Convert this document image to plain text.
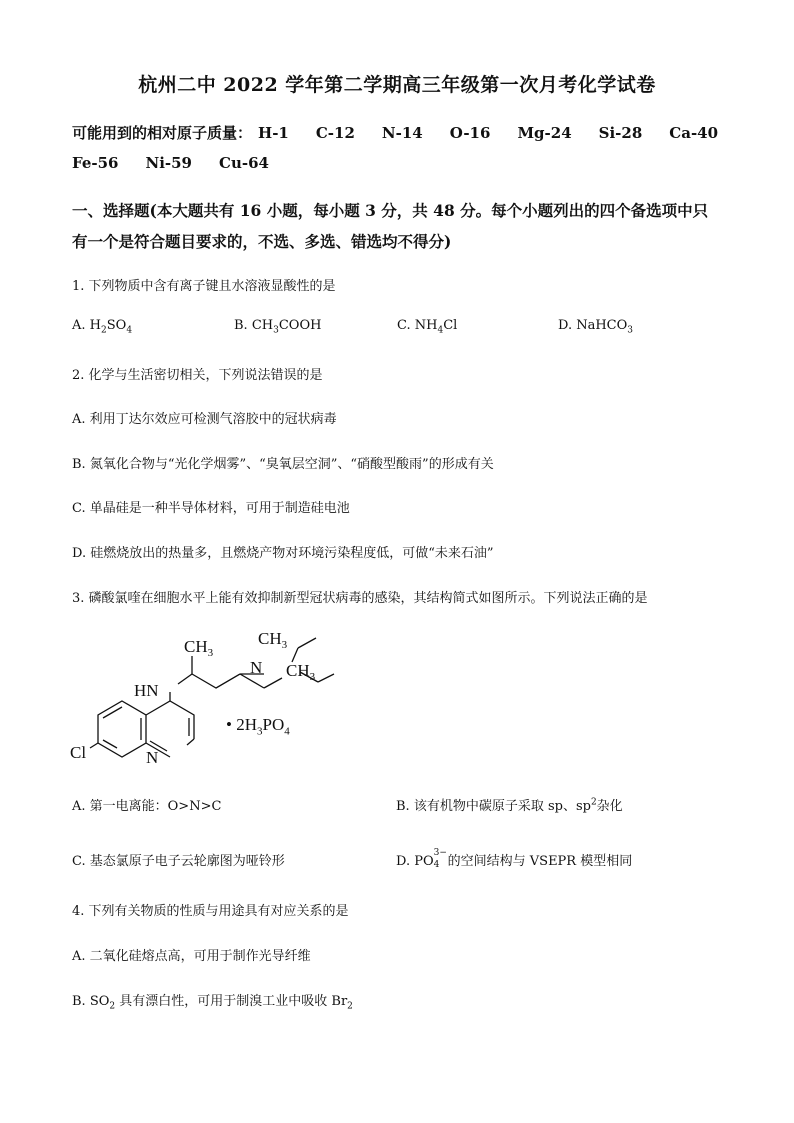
杭州二中 2022 学年第二学期高三年级第一次月考化学试卷
可能用到的相对原子质量： H-1 C-12 N-14 O-16 Mg-24 Si-28 Ca-40
Fe-56 Ni-59 Cu-64
一、选择题(本大题共有 16 小题，每小题 3 分，共 48 分。每个小题列出的四个备选项中只
有一个是符合题目要求的，不选、多选、错选均不得分)
1. 下列物质中含有离子键且水溶液显酸性的是
A. $H_2SO_4$	B. $CH_3COOH$	C. $NH_4Cl$	D. NaHCO$_3$
2. 化学与生活密切相关，下列说法错误的是
A. 利用丁达尔效应可检测气溶胶中的冠状病毒
B. 氮氧化合物与“光化学烟雾”、“臭氧层空洞”、“硝酸型酸雨”的形成有关
C. 单晶硅是一种半导体材料，可用于制造硅电池
D. 硅燃烧放出的热量多，且燃烧产物对环境污染程度低，可做“未来石油”
3. 磷酸氯喹在细胞水平上能有效抑制新型冠状病毒的感染，其结构简式如图所示。下列说法正确的是
$CH_3$
$CH_3$
$CH_3$
N
HN
N
Cl
• $2H_3PO_4$
A. 第一电离能：O>N>C	B. 该有机物中碳原子采取 sp、$sp^2$杂化
C. 基态氯原子电子云轮廓图为哑铃形	D. PO
3−
4 的空间结构与 VSEPR 模型相同
4. 下列有关物质的性质与用途具有对应关系的是
A. 二氧化硅熔点高，可用于制作光导纤维
B. $SO_2$ 具有漂白性，可用于制溴工业中吸收 $Br_2$
